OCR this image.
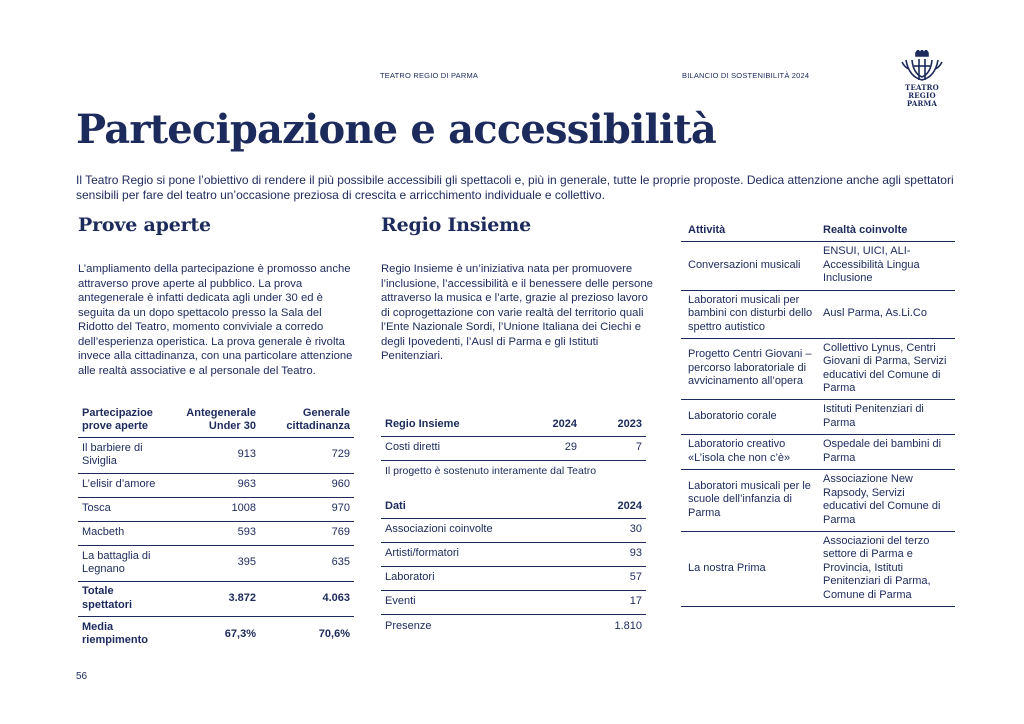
TEATRO REGIO DI PARMA	BILANCIO DI SOSTENIBILITÀ 2024
TEATRO REGIO
PARMA
Partecipazione e accessibilità
Il Teatro Regio si pone l’obiettivo di rendere il più possibile accessibili gli spettacoli e, più in generale, tutte le proprie proposte. Dedica attenzione anche agli spettatori sensibili per fare del teatro un’occasione preziosa di crescita e arricchimento individuale e collettivo.
Prove aperte
L’ampliamento della partecipazione è promosso anche attraverso prove aperte al pubblico. La prova antegenerale è infatti dedicata agli under 30 ed è seguita da un dopo spettacolo presso la Sala del Ridotto del Teatro, momento conviviale a corredo dell’esperienza operistica. La prova generale è rivolta invece alla cittadinanza, con una particolare attenzione alle realtà associative e al personale del Teatro.
Partecipazioe prove aperte	Antegenerale Under 30	Generale cittadinanza
Il barbiere di Siviglia	913	729
L’elisir d’amore	963	960
Tosca	1008	970
Macbeth	593	769
La battaglia di Legnano	395	635
Totale spettatori	3.872	4.063
Media riempimento	67,3%	70,6%
Regio Insieme
Regio Insieme è un’iniziativa nata per promuovere l’inclusione, l’accessibilità e il benessere delle persone attraverso la musica e l’arte, grazie al prezioso lavoro di coprogettazione con varie realtà del territorio quali l’Ente Nazionale Sordi, l’Unione Italiana dei Ciechi e degli Ipovedenti, l’Ausl di Parma e gli Istituti Penitenziari.
Regio Insieme	2024	2023
Costi diretti	29	7
Il progetto è sostenuto interamente dal Teatro
Dati	2024
Associazioni coinvolte	30
Artisti/formatori	93
Laboratori	57
Eventi	17
Presenze	1.810
Attività	Realtà coinvolte
Conversazioni musicali	ENSUI, UICI, ALI-Accessibilità Lingua Inclusione
Laboratori musicali per bambini con disturbi dello spettro autistico	Ausl Parma, As.Li.Co
Progetto Centri Giovani – percorso laboratoriale di avvicinamento all’opera	Collettivo Lynus, Centri Giovani di Parma, Servizi educativi del Comune di Parma
Laboratorio corale	Istituti Penitenziari di Parma
Laboratorio creativo «L’isola che non c’è»	Ospedale dei bambini di Parma
Laboratori musicali per le scuole dell’infanzia di Parma	Associazione New Rapsody, Servizi educativi del Comune di Parma
La nostra Prima	Associazioni del terzo settore di Parma e Provincia, Istituti Penitenziari di Parma, Comune di Parma
56
